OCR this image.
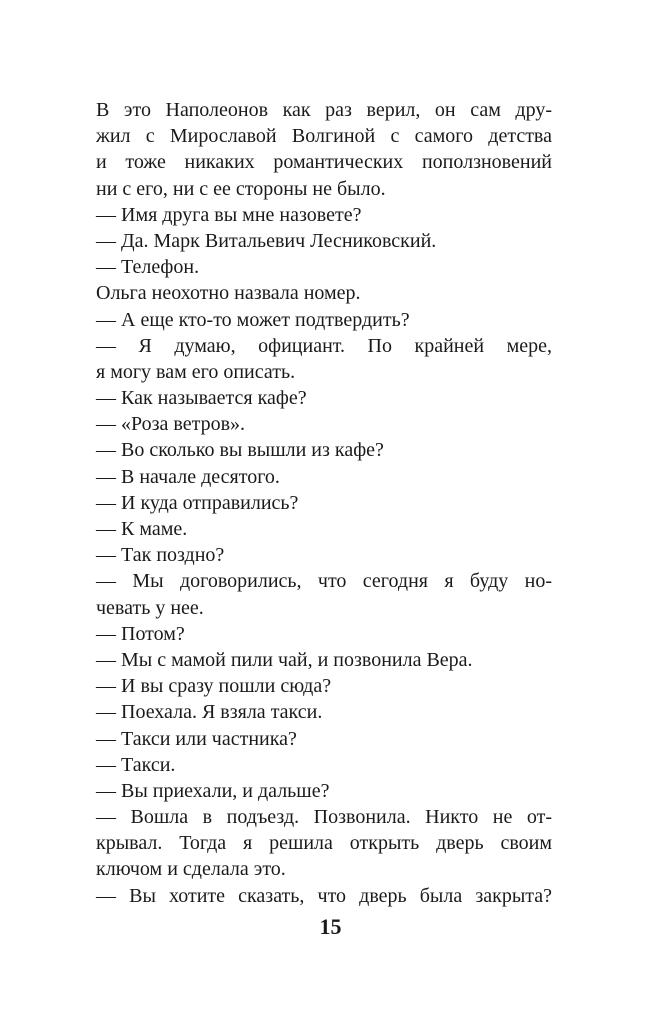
В это Наполеонов как раз верил, он сам дру-
жил с Мирославой Волгиной с самого детства
и тоже никаких романтических поползновений
ни с его, ни с ее стороны не было.
— Имя друга вы мне назовете?
— Да. Марк Витальевич Лесниковский.
— Телефон.
Ольга неохотно назвала номер.
— А еще кто-то может подтвердить?
— Я думаю, официант. По крайней мере,
я могу вам его описать.
— Как называется кафе?
— «Роза ветров».
— Во сколько вы вышли из кафе?
— В начале десятого.
— И куда отправились?
— К маме.
— Так поздно?
— Мы договорились, что сегодня я буду но-
чевать у нее.
— Потом?
— Мы с мамой пили чай, и позвонила Вера.
— И вы сразу пошли сюда?
— Поехала. Я взяла такси.
— Такси или частника?
— Такси.
— Вы приехали, и дальше?
— Вошла в подъезд. Позвонила. Никто не от-
крывал. Тогда я решила открыть дверь своим
ключом и сделала это.
— Вы хотите сказать, что дверь была закрыта?
15
